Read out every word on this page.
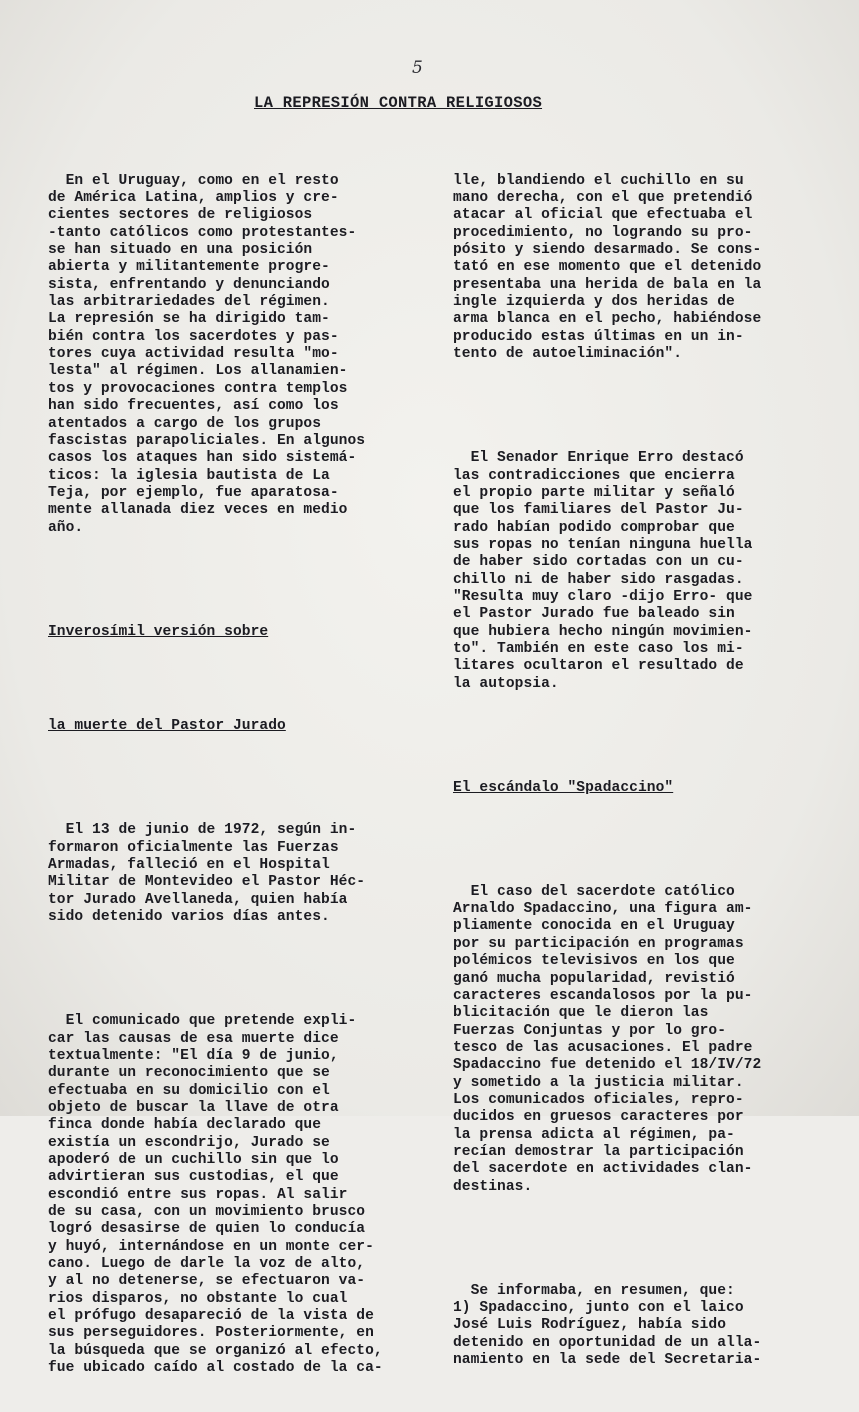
5
LA REPRESIÓN CONTRA RELIGIOSOS

En el Uruguay, como en el resto
de América Latina, amplios y cre-
cientes sectores de religiosos
-tanto católicos como protestantes-
se han situado en una posición
abierta y militantemente progre-
sista, enfrentando y denunciando
las arbitrariedades del régimen.
La represión se ha dirigido tam-
bién contra los sacerdotes y pas-
tores cuya actividad resulta "mo-
lesta" al régimen. Los allanamien-
tos y provocaciones contra templos
han sido frecuentes, así como los
atentados a cargo de los grupos
fascistas parapoliciales. En algunos
casos los ataques han sido sistemá-
ticos: la iglesia bautista de La
Teja, por ejemplo, fue aparatosa-
mente allanada diez veces en medio
año.

Inverosímil versión sobre

la muerte del Pastor Jurado

El 13 de junio de 1972, según in-
formaron oficialmente las Fuerzas
Armadas, falleció en el Hospital
Militar de Montevideo el Pastor Héc-
tor Jurado Avellaneda, quien había
sido detenido varios días antes.

El comunicado que pretende expli-
car las causas de esa muerte dice
textualmente: "El día 9 de junio,
durante un reconocimiento que se
efectuaba en su domicilio con el
objeto de buscar la llave de otra
finca donde había declarado que
existía un escondrijo, Jurado se
apoderó de un cuchillo sin que lo
advirtieran sus custodias, el que
escondió entre sus ropas. Al salir
de su casa, con un movimiento brusco
logró desasirse de quien lo conducía
y huyó, internándose en un monte cer-
cano. Luego de darle la voz de alto,
y al no detenerse, se efectuaron va-
rios disparos, no obstante lo cual
el prófugo desapareció de la vista de
sus perseguidores. Posteriormente, en
la búsqueda que se organizó al efecto,
fue ubicado caído al costado de la ca-

lle, blandiendo el cuchillo en su
mano derecha, con el que pretendió
atacar al oficial que efectuaba el
procedimiento, no logrando su pro-
pósito y siendo desarmado. Se cons-
tató en ese momento que el detenido
presentaba una herida de bala en la
ingle izquierda y dos heridas de
arma blanca en el pecho, habiéndose
producido estas últimas en un in-
tento de autoeliminación".

El Senador Enrique Erro destacó
las contradicciones que encierra
el propio parte militar y señaló
que los familiares del Pastor Ju-
rado habían podido comprobar que
sus ropas no tenían ninguna huella
de haber sido cortadas con un cu-
chillo ni de haber sido rasgadas.
"Resulta muy claro -dijo Erro- que
el Pastor Jurado fue baleado sin
que hubiera hecho ningún movimien-
to". También en este caso los mi-
litares ocultaron el resultado de
la autopsia.

El escándalo "Spadaccino"

El caso del sacerdote católico
Arnaldo Spadaccino, una figura am-
pliamente conocida en el Uruguay
por su participación en programas
polémicos televisivos en los que
ganó mucha popularidad, revistió
caracteres escandalosos por la pu-
blicitación que le dieron las
Fuerzas Conjuntas y por lo gro-
tesco de las acusaciones. El padre
Spadaccino fue detenido el 18/IV/72
y sometido a la justicia militar.
Los comunicados oficiales, repro-
ducidos en gruesos caracteres por
la prensa adicta al régimen, pa-
recían demostrar la participación
del sacerdote en actividades clan-
destinas.

Se informaba, en resumen, que:
1) Spadaccino, junto con el laico
José Luis Rodríguez, había sido
detenido en oportunidad de un alla-
namiento en la sede del Secretaria-
